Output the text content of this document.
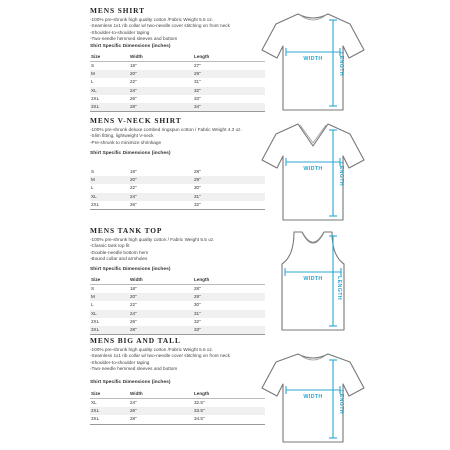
MENS SHIRT
-100% pre-shrunk high quality cotton /Fabric Weight 5.5 oz.
-Seamless 1x1 rib collar w/ two-needle cover stitching on front neck
-Shoulder-to-shoulder taping
-Two-needle hemmed sleeves and bottom
Shirt Specific Dimensions (inches)
Size	Width	Length
S	18"	27"
M	20"	29"
L	22"	31"
XL	24"	32"
2XL	26"	33"
3XL	28"	34"
WIDTH	LENGTH
MENS V-NECK SHIRT
-100% pre-shrunk deluxe combed ringspun cotton / Fabric Weight 4.3 oz.
-Slim fitting, lightweight V-neck
-Pre-shrunk to minimize shrinkage
Shirt Specific Dimensions (inches)
S	18"	28"
M	20"	29"
L	22"	30"
XL	24"	31"
2XL	26"	32"
WIDTH	LENGTH
MENS TANK TOP
-100% pre-shrunk high quality cotton / Fabric Weight 5.5 oz.
-Classic tank top fit
-Double-needle bottom hem
-Bound collar and armholes
Shirt Specific Dimensions (inches)
Size	Width	Length
S	18"	28"
M	20"	29"
L	22"	30"
XL	24"	31"
2XL	26"	32"
3XL	28"	33"
WIDTH LENGTH
MENS BIG AND TALL
-100% pre-shrunk high quality cotton /Fabric Weight 5.5 oz.
-Seamless 1x1 rib collar w/ two-needle cover stitching on front neck
-Shoulder-to-shoulder taping
-Two-needle hemmed sleeves and bottom
Shirt Specific Dimensions (inches)
Size	Width	Length
XL	24"	32.5"
2XL	26"	33.5"
3XL	28"	34.5"
WIDTH	LENGTH
